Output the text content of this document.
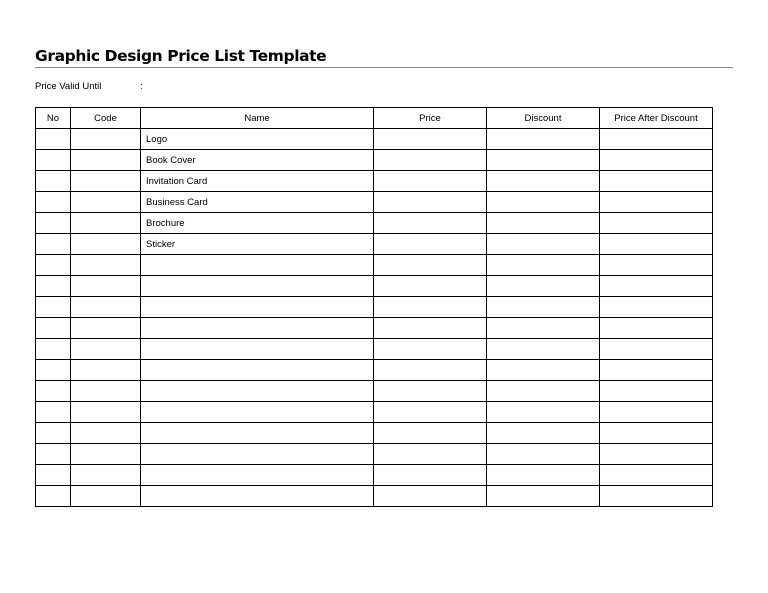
Graphic Design Price List Template
Price Valid Until	:
No	Code	Name	Price	Discount	Price After Discount
		Logo			
		Book Cover			
		Invitation Card			
		Business Card			
		Brochure			
		Sticker			
